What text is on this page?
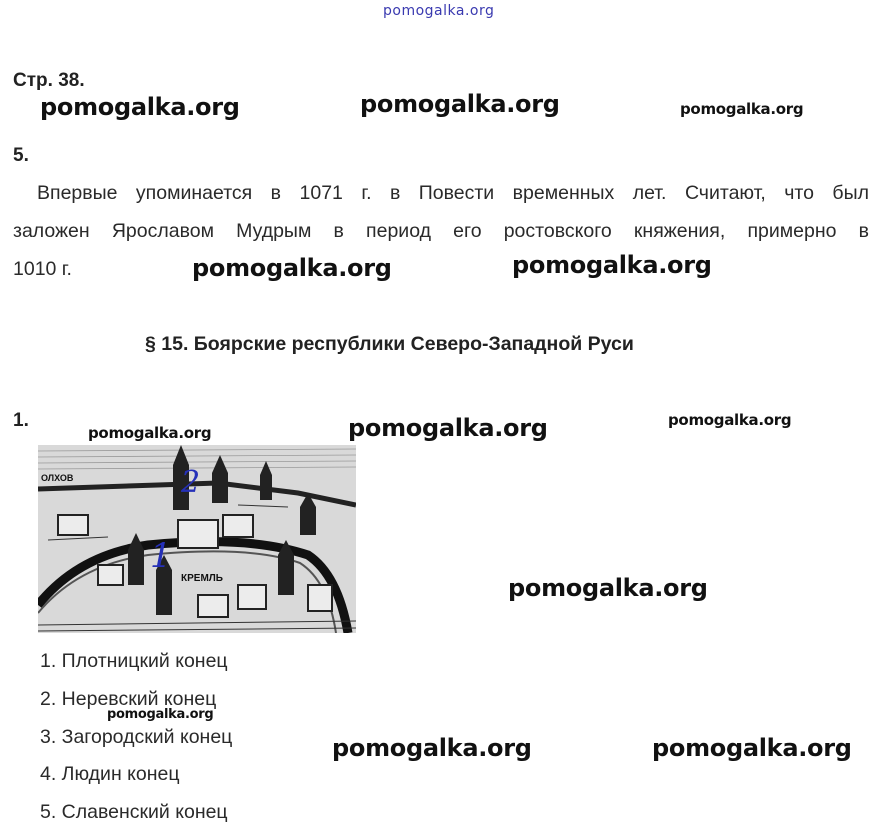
pomogalka.org
Стр. 38.
pomogalka.org	pomogalka.org	pomogalka.org
5.
Впервые упоминается в 1071 г. в Повести временных лет. Считают, что был
заложен Ярославом Мудрым в период его ростовского княжения, примерно в
1010 г.	pomogalka.org	pomogalka.org
§ 15. Боярские республики Северо-Западной Руси
1.
pomogalka.org	pomogalka.org	pomogalka.org
ОЛХОВ
КРЕМЛЬ
1
2
pomogalka.org
1. Плотницкий конец
2. Неревский конец
pomogalka.org
3. Загородский конец
4. Людин конец
5. Славенский конец
pomogalka.org	pomogalka.org
